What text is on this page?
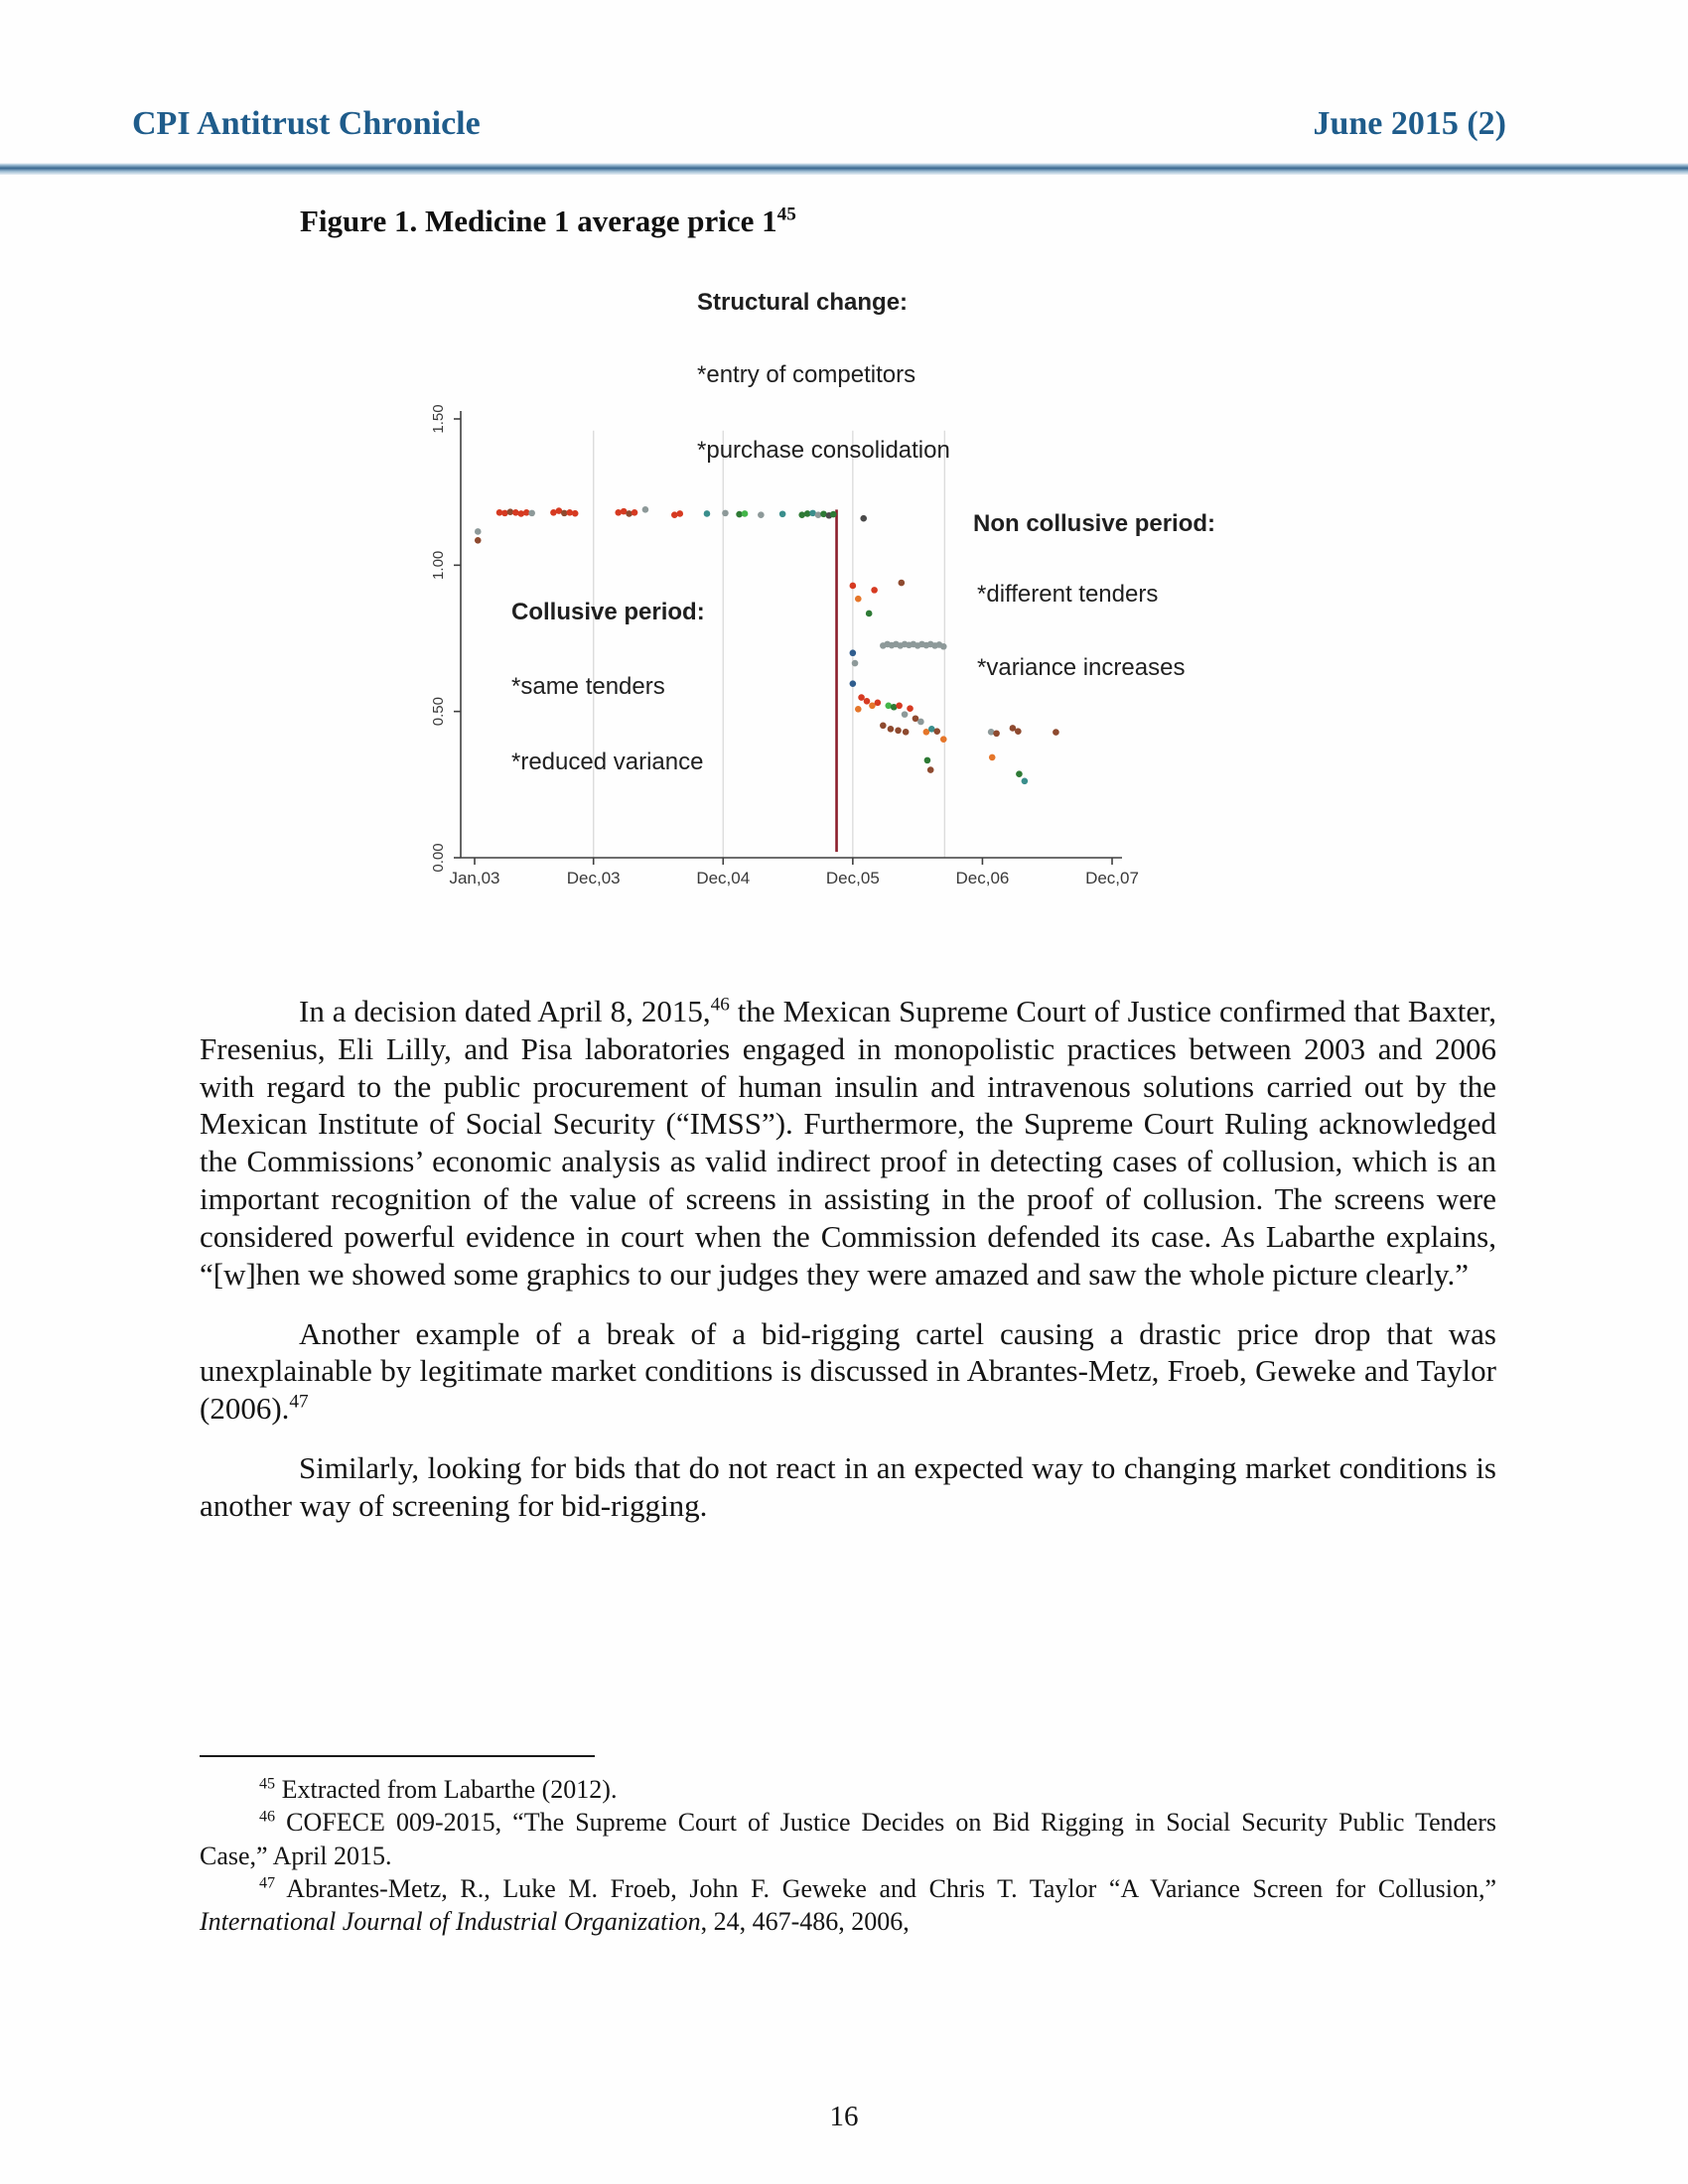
CPI Antitrust Chronicle	June 2015 (2)
Figure 1. Medicine 1 average price $1^{45}$
0.00
0.50
1.00
1.50
Jan,03	Dec,03	Dec,04	Dec,05	Dec,06	Dec,07
Structural change:
*entry of competitors
*purchase consolidation
Non collusive period:
*different tenders
*variance increases
Collusive period:
*same tenders
*reduced variance

In a decision dated April 8, 2015,46 the Mexican Supreme Court of Justice confirmed that Baxter, Fresenius, Eli Lilly, and Pisa laboratories engaged in monopolistic practices between 2003 and 2006 with regard to the public procurement of human insulin and intravenous solutions carried out by the Mexican Institute of Social Security (“IMSS”). Furthermore, the Supreme Court Ruling acknowledged the Commissions’ economic analysis as valid indirect proof in detecting cases of collusion, which is an important recognition of the value of screens in assisting in the proof of collusion. The screens were considered powerful evidence in court when the Commission defended its case. As Labarthe explains, “[w]hen we showed some graphics to our judges they were amazed and saw the whole picture clearly.”

Another example of a break of a bid-rigging cartel causing a drastic price drop that was unexplainable by legitimate market conditions is discussed in Abrantes-Metz, Froeb, Geweke and Taylor (2006).$^{47}$

Similarly, looking for bids that do not react in an expected way to changing market conditions is another way of screening for bid-rigging.

$^{45}$ Extracted from Labarthe (2012).

$^{46}$ COFECE 009-2015, “The Supreme Court of Justice Decides on Bid Rigging in Social Security Public Tenders Case,” April 2015.

$^{47}$ Abrantes-Metz, R., Luke M. Froeb, John F. Geweke and Chris T. Taylor “A Variance Screen for Collusion,” International Journal of Industrial Organization, 24, 467-486, 2006,

16
